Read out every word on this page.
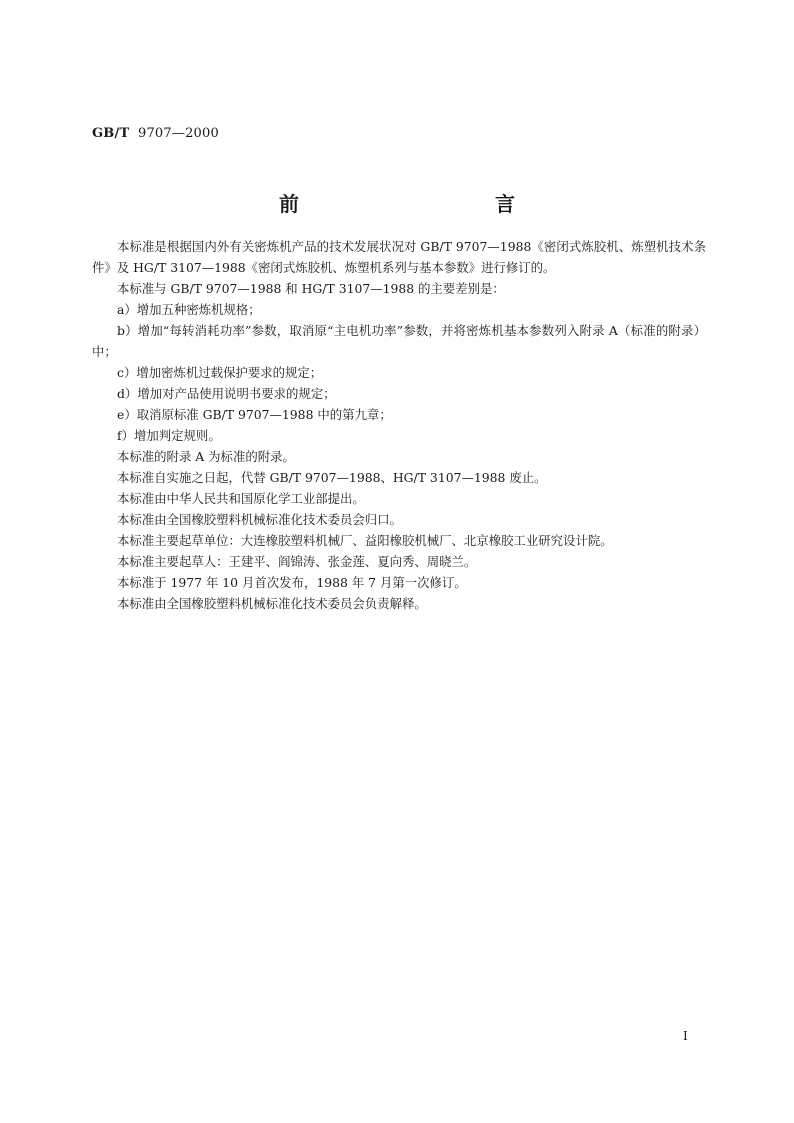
GB/T 9707—2000
前　　言

本标准是根据国内外有关密炼机产品的技术发展状况对 GB/T 9707—1988《密闭式炼胶机、炼塑机技术条件》及 HG/T 3107—1988《密闭式炼胶机、炼塑机系列与基本参数》进行修订的。

本标准与 GB/T 9707—1988 和 HG/T 3107—1988 的主要差别是：

a）增加五种密炼机规格；

b）增加“每转消耗功率”参数，取消原“主电机功率”参数，并将密炼机基本参数列入附录 A（标准的附录）中；

c）增加密炼机过载保护要求的规定；

d）增加对产品使用说明书要求的规定；

e）取消原标准 GB/T 9707—1988 中的第九章；

f）增加判定规则。

本标准的附录 A 为标准的附录。

本标准自实施之日起，代替 GB/T 9707—1988、HG/T 3107—1988 废止。

本标准由中华人民共和国原化学工业部提出。

本标准由全国橡胶塑料机械标准化技术委员会归口。

本标准主要起草单位：大连橡胶塑料机械厂、益阳橡胶机械厂、北京橡胶工业研究设计院。

本标准主要起草人：王建平、阎锦涛、张金莲、夏向秀、周晓兰。

本标准于 1977 年 10 月首次发布，1988 年 7 月第一次修订。

本标准由全国橡胶塑料机械标准化技术委员会负责解释。

I
